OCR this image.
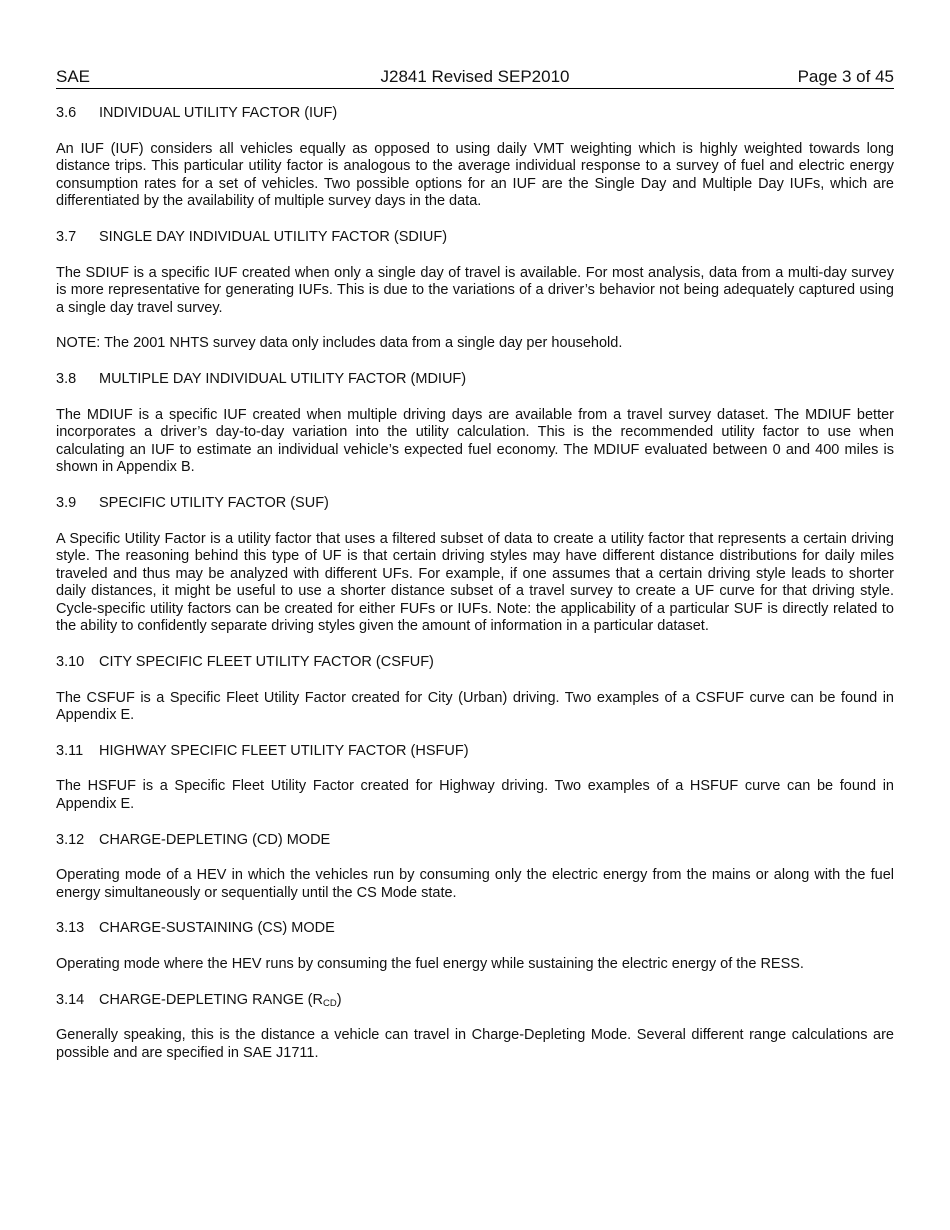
SAE	J2841 Revised SEP2010	Page 3 of 45
3.6 INDIVIDUAL UTILITY FACTOR (IUF)

An IUF (IUF) considers all vehicles equally as opposed to using daily VMT weighting which is highly weighted towards long distance trips. This particular utility factor is analogous to the average individual response to a survey of fuel and electric energy consumption rates for a set of vehicles. Two possible options for an IUF are the Single Day and Multiple Day IUFs, which are differentiated by the availability of multiple survey days in the data.

3.7 SINGLE DAY INDIVIDUAL UTILITY FACTOR (SDIUF)

The SDIUF is a specific IUF created when only a single day of travel is available. For most analysis, data from a multi-day survey is more representative for generating IUFs. This is due to the variations of a driver’s behavior not being adequately captured using a single day travel survey.

NOTE: The 2001 NHTS survey data only includes data from a single day per household.

3.8 MULTIPLE DAY INDIVIDUAL UTILITY FACTOR (MDIUF)

The MDIUF is a specific IUF created when multiple driving days are available from a travel survey dataset. The MDIUF better incorporates a driver’s day-to-day variation into the utility calculation. This is the recommended utility factor to use when calculating an IUF to estimate an individual vehicle’s expected fuel economy. The MDIUF evaluated between 0 and 400 miles is shown in Appendix B.

3.9 SPECIFIC UTILITY FACTOR (SUF)

A Specific Utility Factor is a utility factor that uses a filtered subset of data to create a utility factor that represents a certain driving style. The reasoning behind this type of UF is that certain driving styles may have different distance distributions for daily miles traveled and thus may be analyzed with different UFs. For example, if one assumes that a certain driving style leads to shorter daily distances, it might be useful to use a shorter distance subset of a travel survey to create a UF curve for that driving style. Cycle-specific utility factors can be created for either FUFs or IUFs. Note: the applicability of a particular SUF is directly related to the ability to confidently separate driving styles given the amount of information in a particular dataset.

3.10 CITY SPECIFIC FLEET UTILITY FACTOR (CSFUF)

The CSFUF is a Specific Fleet Utility Factor created for City (Urban) driving. Two examples of a CSFUF curve can be found in Appendix E.

3.11 HIGHWAY SPECIFIC FLEET UTILITY FACTOR (HSFUF)

The HSFUF is a Specific Fleet Utility Factor created for Highway driving. Two examples of a HSFUF curve can be found in Appendix E.

3.12 CHARGE-DEPLETING (CD) MODE

Operating mode of a HEV in which the vehicles run by consuming only the electric energy from the mains or along with the fuel energy simultaneously or sequentially until the CS Mode state.

3.13 CHARGE-SUSTAINING (CS) MODE

Operating mode where the HEV runs by consuming the fuel energy while sustaining the electric energy of the RESS.

3.14 CHARGE-DEPLETING RANGE $(R_{CD})$

Generally speaking, this is the distance a vehicle can travel in Charge-Depleting Mode. Several different range calculations are possible and are specified in SAE J1711.
